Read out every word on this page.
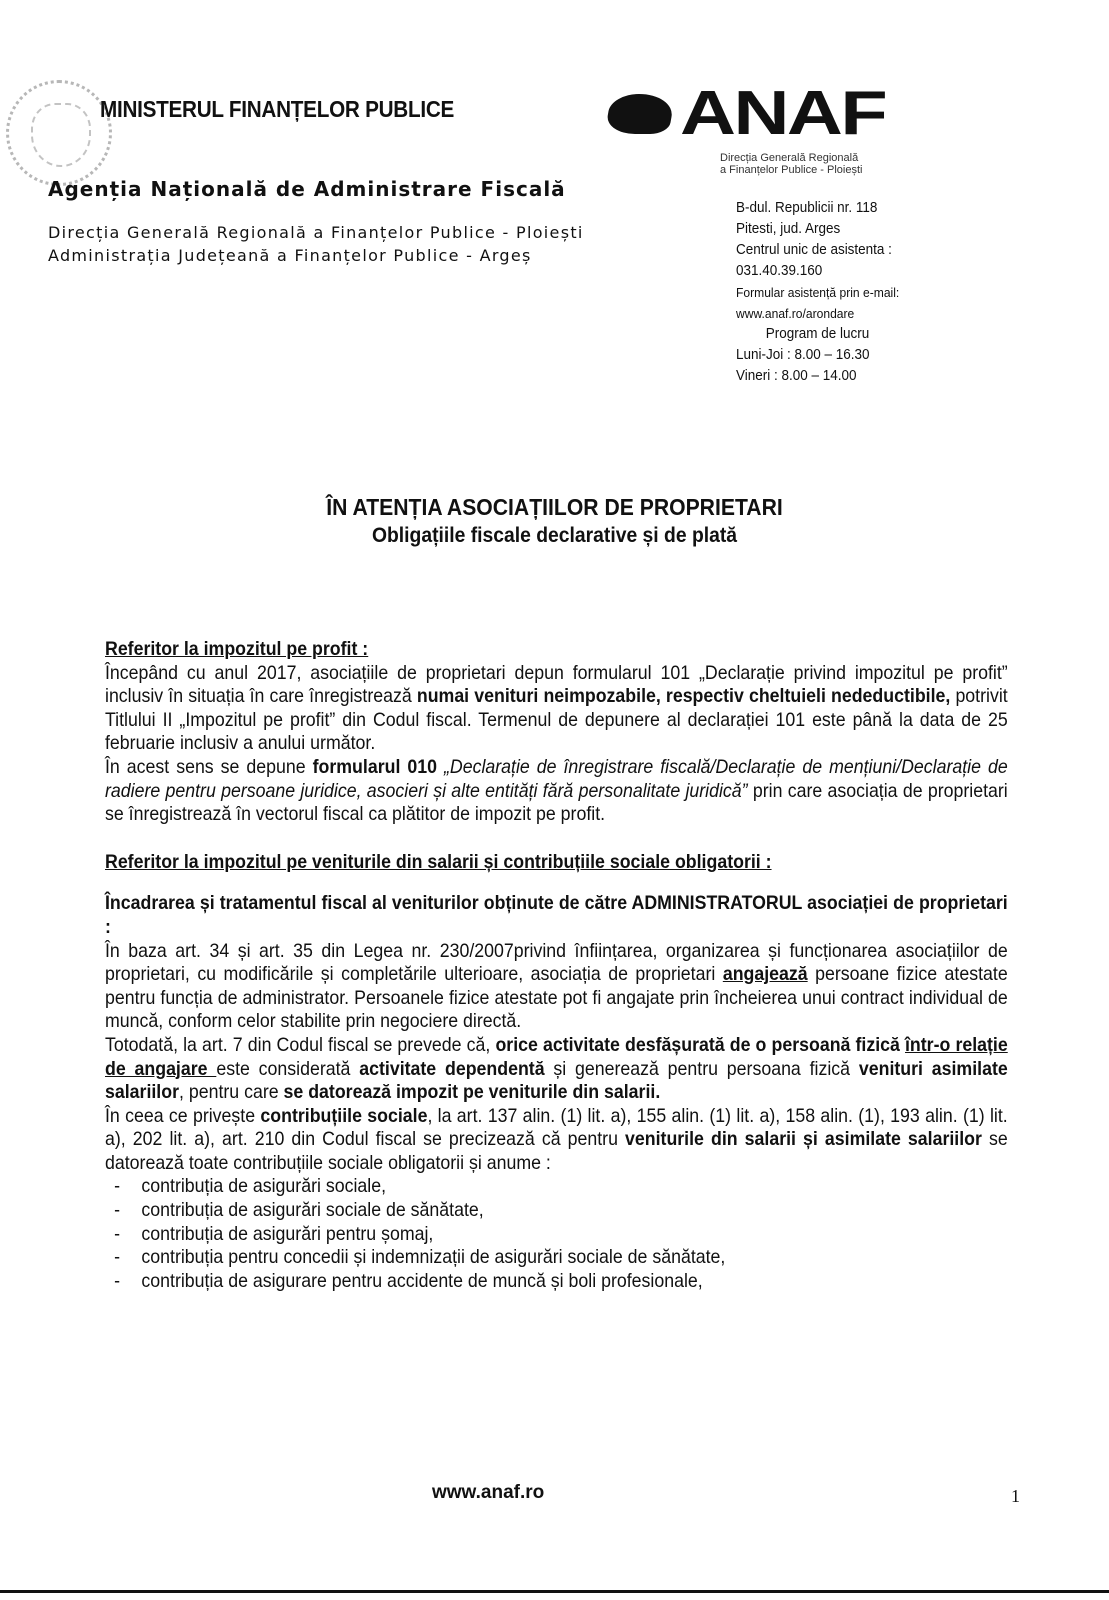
MINISTERUL FINANȚELOR PUBLICE
Agenția Națională de Administrare Fiscală
Direcția Generală Regională a Finanțelor Publice - Ploiești
Administrația Județeană a Finanțelor Publice - Argeș
ANAF
Direcția Generală Regională
a Finanțelor Publice - Ploiești
B-dul. Republicii nr. 118
Pitesti, jud. Arges
Centrul unic de asistenta :
031.40.39.160
Formular asistență prin e-mail:
www.anaf.ro/arondare
Program de lucru
Luni-Joi : 8.00 – 16.30
Vineri : 8.00 – 14.00
ÎN ATENȚIA ASOCIAȚIILOR DE PROPRIETARI
Obligațiile fiscale declarative și de plată

Referitor la impozitul pe profit :

Începând cu anul 2017, asociațiile de proprietari depun formularul 101 „Declarație privind impozitul pe profit” inclusiv în situația în care înregistrează numai venituri neimpozabile, respectiv cheltuieli nedeductibile, potrivit Titlului II „Impozitul pe profit” din Codul fiscal. Termenul de depunere al declarației 101 este până la data de 25 februarie inclusiv a anului următor.

În acest sens se depune formularul 010 „Declarație de înregistrare fiscală/Declarație de mențiuni/Declarație de radiere pentru persoane juridice, asocieri și alte entități fără personalitate juridică” prin care asociația de proprietari se înregistrează în vectorul fiscal ca plătitor de impozit pe profit.

Referitor la impozitul pe veniturile din salarii și contribuțiile sociale obligatorii :

Încadrarea și tratamentul fiscal al veniturilor obținute de către ADMINISTRATORUL asociației de proprietari :

În baza art. 34 și art. 35 din Legea nr. 230/2007privind înființarea, organizarea și funcționarea asociațiilor de proprietari, cu modificările și completările ulterioare, asociația de proprietari angajează persoane fizice atestate pentru funcția de administrator. Persoanele fizice atestate pot fi angajate prin încheierea unui contract individual de muncă, conform celor stabilite prin negociere directă.

Totodată, la art. 7 din Codul fiscal se prevede că, orice activitate desfășurată de o persoană fizică într-o relație de angajare este considerată activitate dependentă și generează pentru persoana fizică venituri asimilate salariilor, pentru care se datorează impozit pe veniturile din salarii.

În ceea ce privește contribuțiile sociale, la art. 137 alin. (1) lit. a), 155 alin. (1) lit. a), 158 alin. (1), 193 alin. (1) lit. a), 202 lit. a), art. 210 din Codul fiscal se precizează că pentru veniturile din salarii și asimilate salariilor se datorează toate contribuțiile sociale obligatorii și anume :

- contribuția de asigurări sociale,
- contribuția de asigurări sociale de sănătate,
- contribuția de asigurări pentru șomaj,
- contribuția pentru concedii și indemnizații de asigurări sociale de sănătate,
- contribuția de asigurare pentru accidente de muncă și boli profesionale,
www.anaf.ro	1
